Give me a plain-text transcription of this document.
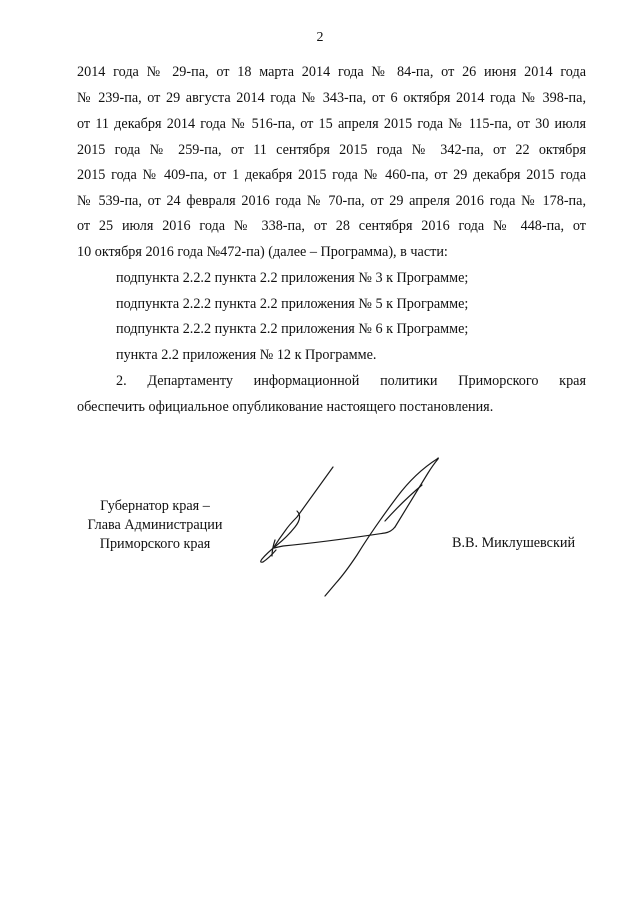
2
2014 года № 29-па, от 18 марта 2014 года № 84-па, от 26 июня 2014 года
№ 239-па, от 29 августа 2014 года № 343-па, от 6 октября 2014 года № 398-па,
от 11 декабря 2014 года № 516-па, от 15 апреля 2015 года № 115-па, от 30 июля
2015 года № 259-па, от 11 сентября 2015 года № 342-па, от 22 октября
2015 года № 409-па, от 1 декабря 2015 года № 460-па, от 29 декабря 2015 года
№ 539-па, от 24 февраля 2016 года № 70-па, от 29 апреля 2016 года № 178-па,
от 25 июля 2016 года № 338-па, от 28 сентября 2016 года № 448-па, от
10 октября 2016 года №472-па) (далее – Программа), в части:
подпункта 2.2.2 пункта 2.2 приложения № 3 к Программе;
подпункта 2.2.2 пункта 2.2 приложения № 5 к Программе;
подпункта 2.2.2 пункта 2.2 приложения № 6 к Программе;
пункта 2.2 приложения № 12 к Программе.
2. Департаменту информационной политики Приморского края
обеспечить официальное опубликование настоящего постановления.
Губернатор края –
Глава Администрации
Приморского края	В.В. Миклушевский
